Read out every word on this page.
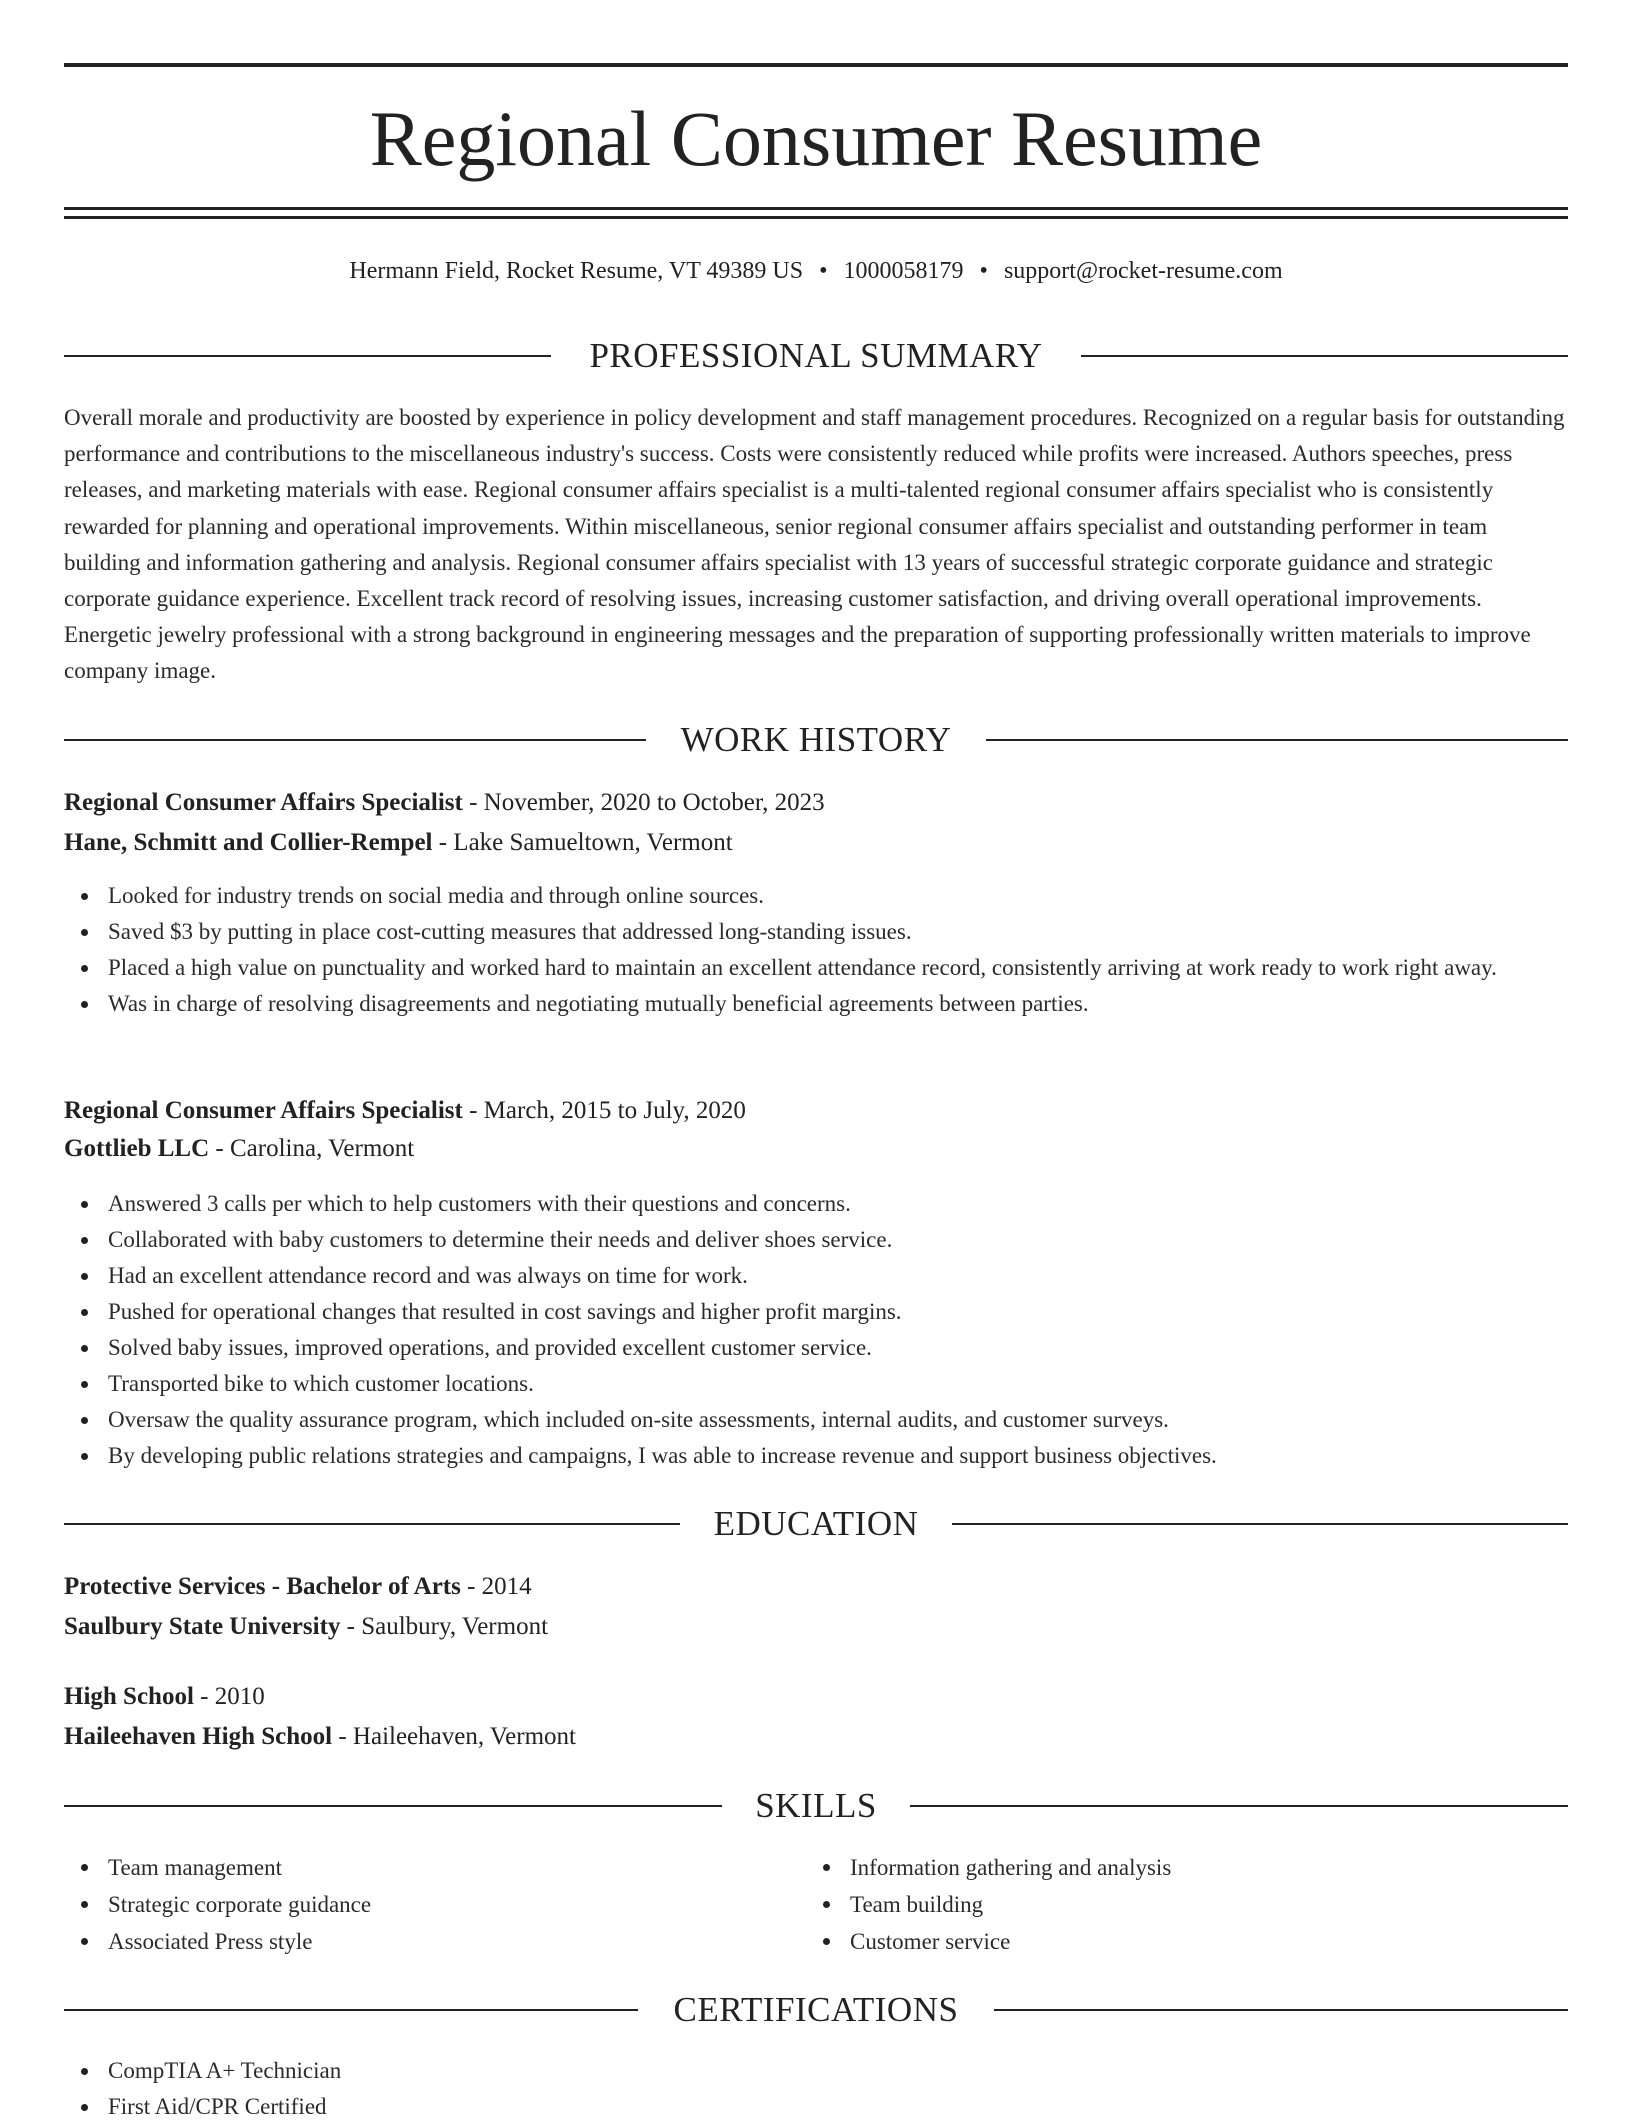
Regional Consumer Resume
Hermann Field, Rocket Resume, VT 49389 US • 1000058179 • support@rocket-resume.com
PROFESSIONAL SUMMARY

Overall morale and productivity are boosted by experience in policy development and staff management procedures. Recognized on a regular basis for outstanding performance and contributions to the miscellaneous industry's success. Costs were consistently reduced while profits were increased. Authors speeches, press releases, and marketing materials with ease. Regional consumer affairs specialist is a multi-talented regional consumer affairs specialist who is consistently rewarded for planning and operational improvements. Within miscellaneous, senior regional consumer affairs specialist and outstanding performer in team building and information gathering and analysis. Regional consumer affairs specialist with 13 years of successful strategic corporate guidance and strategic corporate guidance experience. Excellent track record of resolving issues, increasing customer satisfaction, and driving overall operational improvements. Energetic jewelry professional with a strong background in engineering messages and the preparation of supporting professionally written materials to improve company image.

WORK HISTORY
Regional Consumer Affairs Specialist - November, 2020 to October, 2023
Hane, Schmitt and Collier-Rempel - Lake Samueltown, Vermont
Looked for industry trends on social media and through online sources.
Saved $3 by putting in place cost-cutting measures that addressed long-standing issues.
Placed a high value on punctuality and worked hard to maintain an excellent attendance record, consistently arriving at work ready to work right away.
Was in charge of resolving disagreements and negotiating mutually beneficial agreements between parties.
Regional Consumer Affairs Specialist - March, 2015 to July, 2020
Gottlieb LLC - Carolina, Vermont
Answered 3 calls per which to help customers with their questions and concerns.
Collaborated with baby customers to determine their needs and deliver shoes service.
Had an excellent attendance record and was always on time for work.
Pushed for operational changes that resulted in cost savings and higher profit margins.
Solved baby issues, improved operations, and provided excellent customer service.
Transported bike to which customer locations.
Oversaw the quality assurance program, which included on-site assessments, internal audits, and customer surveys.
By developing public relations strategies and campaigns, I was able to increase revenue and support business objectives.
EDUCATION
Protective Services - Bachelor of Arts - 2014
Saulbury State University - Saulbury, Vermont
High School - 2010
Haileehaven High School - Haileehaven, Vermont
SKILLS
Team management
Strategic corporate guidance
Associated Press style
Information gathering and analysis
Team building
Customer service
CERTIFICATIONS
CompTIA A+ Technician
First Aid/CPR Certified
